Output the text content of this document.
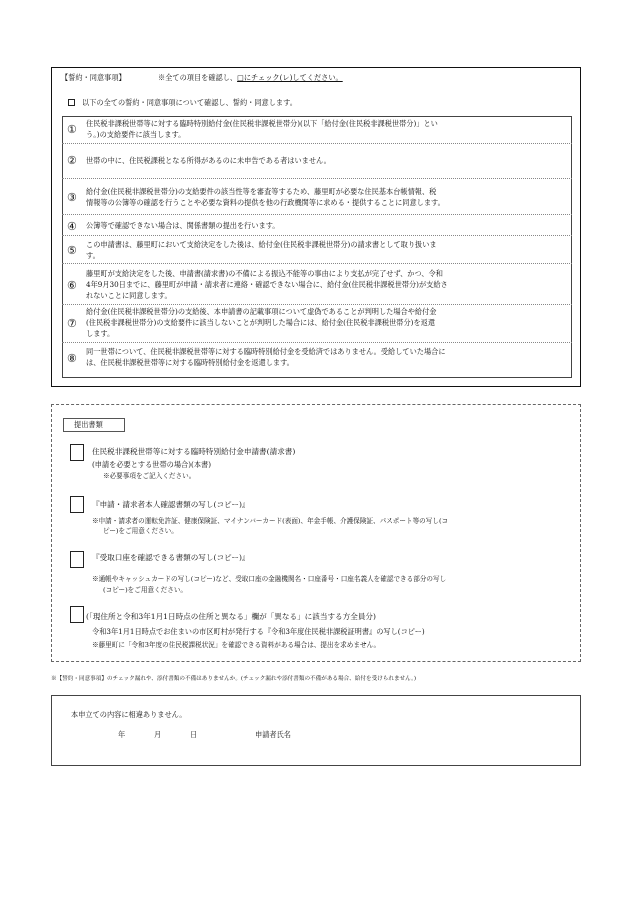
【誓約・同意事項】	※全ての項目を確認し、□にチェック(レ)してください。
以下の全ての誓約・同意事項について確認し、誓約・同意します。
① 住民税非課税世帯等に対する臨時特別給付金(住民税非課税世帯分)(以下「給付金(住民税非課税世帯分)」とい
う。)の支給要件に該当します。
② 世帯の中に、住民税課税となる所得があるのに未申告である者はいません。
③ 給付金(住民税非課税世帯分)の支給要件の該当性等を審査等するため、藤里町が必要な住民基本台帳情報、税
情報等の公簿等の確認を行うことや必要な資料の提供を他の行政機関等に求める・提供することに同意します。
④ 公簿等で確認できない場合は、関係書類の提出を行います。
⑤ この申請書は、藤里町において支給決定をした後は、給付金(住民税非課税世帯分)の請求書として取り扱いま
す。
⑥
藤里町が支給決定をした後、申請書(請求書)の不備による振込不能等の事由により支払が完了せず、かつ、令和
4年9月30日までに、藤里町が申請・請求者に連絡・確認できない場合に、給付金(住民税非課税世帯分)が支給さ
れないことに同意します。
⑦
給付金(住民税非課税世帯分)の支給後、本申請書の記載事項について虚偽であることが判明した場合や給付金
(住民税非課税世帯分)の支給要件に該当しないことが判明した場合には、給付金(住民税非課税世帯分)を返還
します。
⑧
同一世帯について、住民税非課税世帯等に対する臨時特別給付金を受給済ではありません。受給していた場合に
は、住民税非課税世帯等に対する臨時特別給付金を返還します。
提出書類
住民税非課税世帯等に対する臨時特別給付金申請書(請求書)
(申請を必要とする世帯の場合)(本書)
※必要事項をご記入ください。
『申請・請求者本人確認書類の写し(コピー)』
※申請・請求者の運転免許証、健康保険証、マイナンバーカード(表面)、年金手帳、介護保険証、パスポート等の写し(コ
ピー)をご用意ください。
『受取口座を確認できる書類の写し(コピー)』
※通帳やキャッシュカードの写し(コピー)など、受取口座の金融機関名・口座番号・口座名義人を確認できる部分の写し
(コピー)をご用意ください。
(「現住所と令和3年1月1日時点の住所と異なる」欄が「異なる」に該当する方全員分)
令和3年1月1日時点でお住まいの市区町村が発行する『令和3年度住民税非課税証明書』の写し(コピー)
※藤里町に「令和3年度の住民税課税状況」を確認できる資料がある場合は、提出を求めません。
※【誓約・同意事項】のチェック漏れや、添付書類の不備はありませんか。(チェック漏れや添付書類の不備がある場合、給付を受けられません。)
本申立ての内容に相違ありません。
年	月	日	申請者氏名
